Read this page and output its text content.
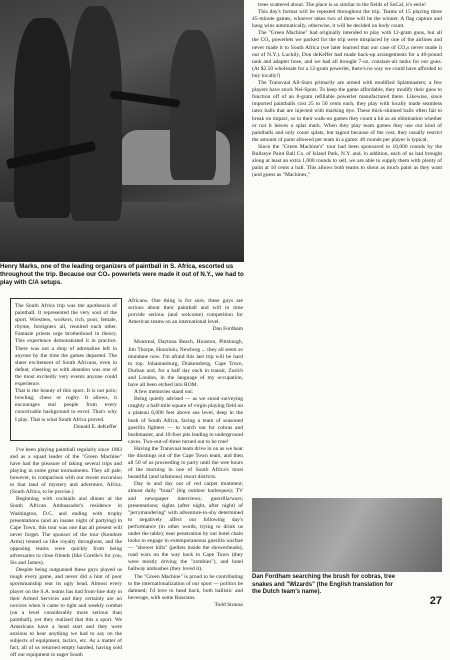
Henry Marks, one of the leading organizers of paintball in S. Africa, escorted us throughout the trip. Because our CO₂ powerlets were made it out of N.Y., we had to play with C/A setups.

The South Africa trip was the apotheosis of paintball. It represented the very soul of the sport. Wrestlers, workers, rich, poor, female, rhyme, foreigners all, reunited each other. Fantasie priests urge brotherhood in theory. This experience demonstrated it in practice. There was not a drop of adrenaline left in anyone by the time the games departed. The sheer excitement of South Africans, even in defeat, cheering us with abandon was one of the most excitedly very events anyone could experience.

That is the beauty of this sport. It is not polo; bowling; chess or rugby. It allows, it encourages real people from every conceivable background to excel. That's why I play. That is what South Africa proved.

Donald E. deKeffer

I've been playing paintball regularly since 1983 and as a squad leader of the "Green Machine" have had the pleasure of taking several trips and playing in some great tournaments. They all pale, however, in comparison with our recent excursion to that land of mystery and adventure, Africa. (South Africa, to be precise.)

Beginning with cocktails and dinner at the South African Ambassador's residence in Washington, D.C. and ending with trophy presentations (and an insane night of partying) in Cape Town, this tour was one that all present will never forget. The sponsor of the tour (Kendore Arms) treated us like royalty throughout, and the opposing teams were quickly from being adversaries to close friends (like Corelle's for you, Sis and James).

Despite being outgunned these guys played us tough every game, and never did a hint of poor sportsmanship rear its ugly head. Almost every player on the S.A. teams has had front-line duty in their Armed Services and they certainly are no novices when it came to tight and weekly combat (on a level considerably more serious than paintball), yet they realized that this a sport. We Americans have a head start and they were anxious to hear anything we had to say on the subjects of equipment, tactics, etc. As a matter of fact, all of us returned empty handed, having sold off our equipment to eager South

Africans. One thing is for sure, these guys are serious about their paintball and will in time provide serious (and welcome) competition for American teams on an international level.

Dan Fordham

Montreal, Daytona Beach, Houston, Pittsburgh, Jim Thorpe, Honolulu, Newburg ... they all seem so mundane now. I'm afraid this last trip will be hard to top. Johannesburg, Drakensberg, Cape Town, Durban and, for a half day each in transit, Zurich and London, in the language of my occupation, have all been etched into ROM.

A few memories stand out:

Being quietly advised — as we stood surveying roughly a half-mile square of virgin playing field on a plateau 6,000 feet above sea level, deep in the bush of South Africa, facing a team of seasoned guerilla fighters — to watch out for cobras and bushmaster, and 10-foot pits leading to underground caves. Two-out-of-three turned out to be true!

Having the Transvaal team drive in on as we hear the dinstings out of the Cape Town team, and then all 50 of us proceeding to party until the wee hours of the morning in one of South Africa's most beautiful (and infamous) resort districts.

Day in and day out of red carpet treatment; almost daily "braai" (big outdoor barbeques); TV and newspaper interviews; guerrilla/wars; presentations; sights (after night, after night) of "jerrymandering" with adventure-to-shy determined to negatively affect our following day's performance (in other words, trying to drink us under the table); near penetration by our hotel chain looks to engage in extemporaneous guerilla warfare — "shower kills" (pellets inside the showerheads), road wars on the way back to Cape Town (they were mostly driving the "zombies"), and hotel hallway ambushes (they loved it).

The "Green Machine" is proud to be contributing to the internationalization of our sport — politics be damned; I'd love to head back, both ballistic and beverage, with some Russians.

Todd Strauss

trees scattered about. The place is so similar to the fields of SoCal, it's eerie!

This day's format will be repeated throughout the trip. Teams of 15 playing three 45-minute games, whoever takes two of three will be the winner. A flag capture and hang wins automatically, otherwise, it will be decided on body count.

The "Green Machine" had originally intended to play with 12-gram guns, but all the CO₂ powerlets we packed for the trip were misplaced by one of the airlines and never made it to South Africa (we later learned that our case of CO₂s never made it out of N.Y.). Luckily, Don deKeffer had made back-up arrangements for a 40-pound tank and adapter hose, and we had all brought 7-oz. constant-air tanks for our guns. (At $2.50 wholesale for a 12-gram powerlet, there's no way we could have afforded to buy locally!)

The Transvaal All-Stars primarily are armed with modified Splatmasters; a few players have stock Nel-Spots. To keep the game affordable, they modify their guns to function off of an 8-gram refillable powerlet manufactured there. Likewise, since imported paintballs cost 25 to 50 cents each, they play with locally made seamless latex balls that are injected with marking dye. These thick-skinned balls often fail to break on impact, so in their walk-on games they count a hit as an elimination whether or not it leaves a splat mark. When they play team games they use our kind of paintballs and only count splats, but tagout because of the cost, they usually restrict the amount of paint allowed per team in a game: 40 rounds per player is typical.

Since the "Green Machine's" tour had been sponsored to 10,000 rounds by the Bullseye Paint Ball Co. of Island Park, N.Y. and, in addition, each of us had brought along at least an extra 1,000 rounds to sell, we are able to supply them with plenty of paint at 10 cents a ball. This allows both teams to shoot as much paint as they want (and guess as "Machines,"

Dan Fordham searching the brush for cobras, tree snakes and "Wizards" (the English translation for the Dutch team's name).
27
